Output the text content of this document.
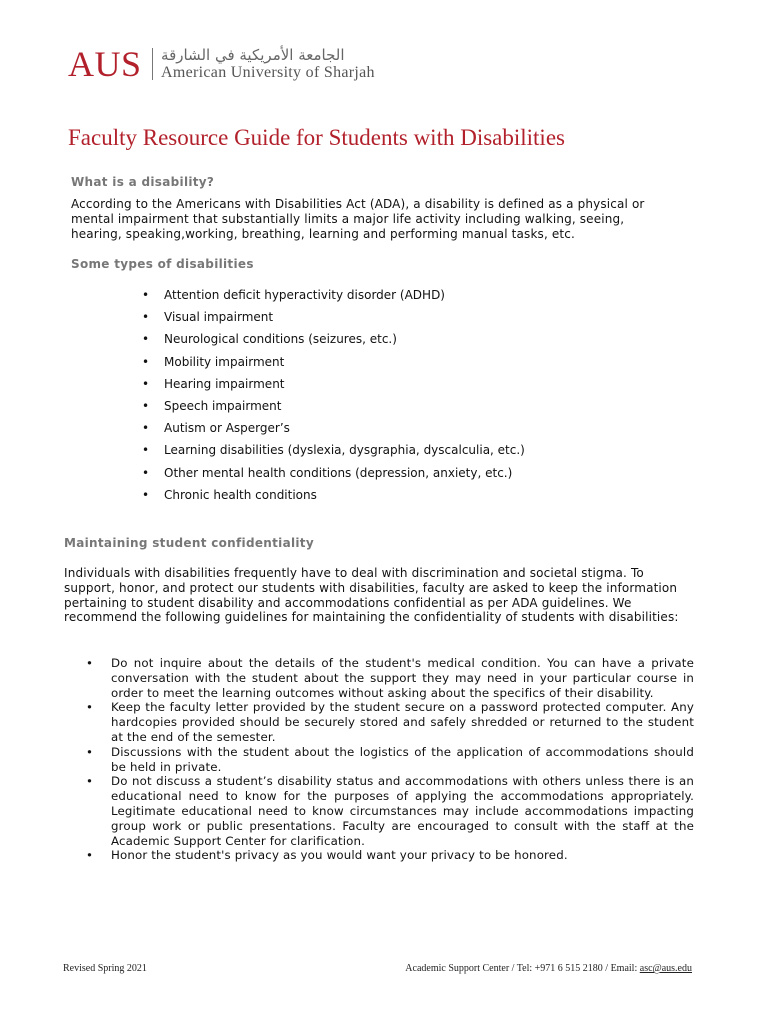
AUS الجامعة الأمريكية في الشارقة
American University of Sharjah
Faculty Resource Guide for Students with Disabilities
What is a disability?

According to the Americans with Disabilities Act (ADA), a disability is defined as a physical or mental impairment that substantially limits a major life activity including walking, seeing, hearing, speaking,working, breathing, learning and performing manual tasks, etc.

Some types of disabilities
• Attention deficit hyperactivity disorder (ADHD)
• Visual impairment
• Neurological conditions (seizures, etc.)
• Mobility impairment
• Hearing impairment
• Speech impairment
• Autism or Asperger’s
• Learning disabilities (dyslexia, dysgraphia, dyscalculia, etc.)
• Other mental health conditions (depression, anxiety, etc.)
• Chronic health conditions
Maintaining student confidentiality

Individuals with disabilities frequently have to deal with discrimination and societal stigma. To support, honor, and protect our students with disabilities, faculty are asked to keep the information pertaining to student disability and accommodations confidential as per ADA guidelines. We recommend the following guidelines for maintaining the confidentiality of students with disabilities:

• Do not inquire about the details of the student's medical condition. You can have a private conversation with the student about the support they may need in your particular course in order to meet the learning outcomes without asking about the specifics of their disability.
• Keep the faculty letter provided by the student secure on a password protected computer. Any hardcopies provided should be securely stored and safely shredded or returned to the student at the end of the semester.
• Discussions with the student about the logistics of the application of accommodations should be held in private.
• Do not discuss a student’s disability status and accommodations with others unless there is an educational need to know for the purposes of applying the accommodations appropriately. Legitimate educational need to know circumstances may include accommodations impacting group work or public presentations. Faculty are encouraged to consult with the staff at the Academic Support Center for clarification.
• Honor the student's privacy as you would want your privacy to be honored.
Revised Spring 2021	Academic Support Center / Tel: +971 6 515 2180 / Email: asc@aus.edu
